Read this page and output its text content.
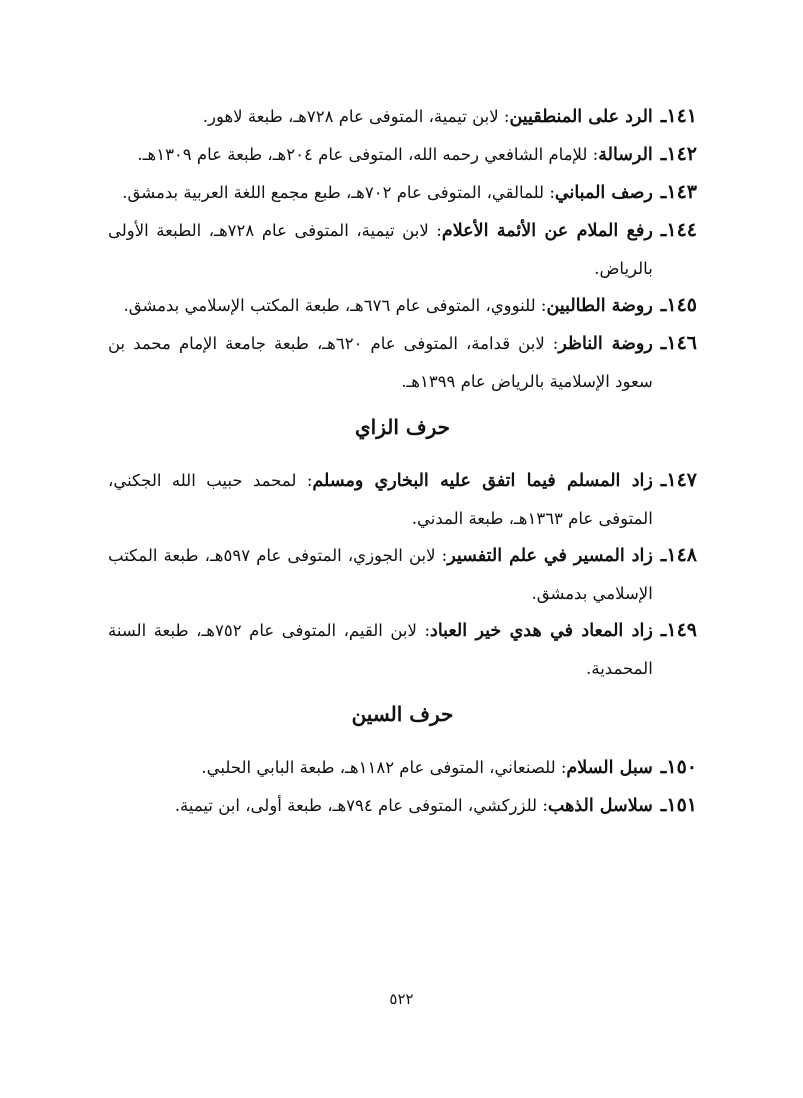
١٤١ـ
الرد على المنطقيين: لابن تيمية، المتوفى عام ٧٢٨هـ، طبعة لاهور.
١٤٢ـ
الرسالة: للإمام الشافعي رحمه الله، المتوفى عام ٢٠٤هـ، طبعة عام ١٣٠٩هـ.
١٤٣ـ
رصف المباني: للمالقي، المتوفى عام ٧٠٢هـ، طبع مجمع اللغة العربية بدمشق.
١٤٤ـ
رفع الملام عن الأئمة الأعلام: لابن تيمية، المتوفى عام ٧٢٨هـ، الطبعة الأولى بالرياض.
١٤٥ـ
روضة الطالبين: للنووي، المتوفى عام ٦٧٦هـ، طبعة المكتب الإسلامي بدمشق.
١٤٦ـ
روضة الناظر: لابن قدامة، المتوفى عام ٦٢٠هـ، طبعة جامعة الإمام محمد بن سعود الإسلامية بالرياض عام ١٣٩٩هـ.
حرف الزاي
١٤٧ـ
زاد المسلم فيما اتفق عليه البخاري ومسلم: لمحمد حبيب الله الجكني، المتوفى عام ١٣٦٣هـ، طبعة المدني.
١٤٨ـ
زاد المسير في علم التفسير: لابن الجوزي، المتوفى عام ٥٩٧هـ، طبعة المكتب الإسلامي بدمشق.
١٤٩ـ
زاد المعاد في هدي خير العباد: لابن القيم، المتوفى عام ٧٥٢هـ، طبعة السنة المحمدية.
حرف السين
١٥٠ـ
سبل السلام: للصنعاني، المتوفى عام ١١٨٢هـ، طبعة البابي الحلبي.
١٥١ـ
سلاسل الذهب: للزركشي، المتوفى عام ٧٩٤هـ، طبعة أولى، ابن تيمية.
٥٢٢
